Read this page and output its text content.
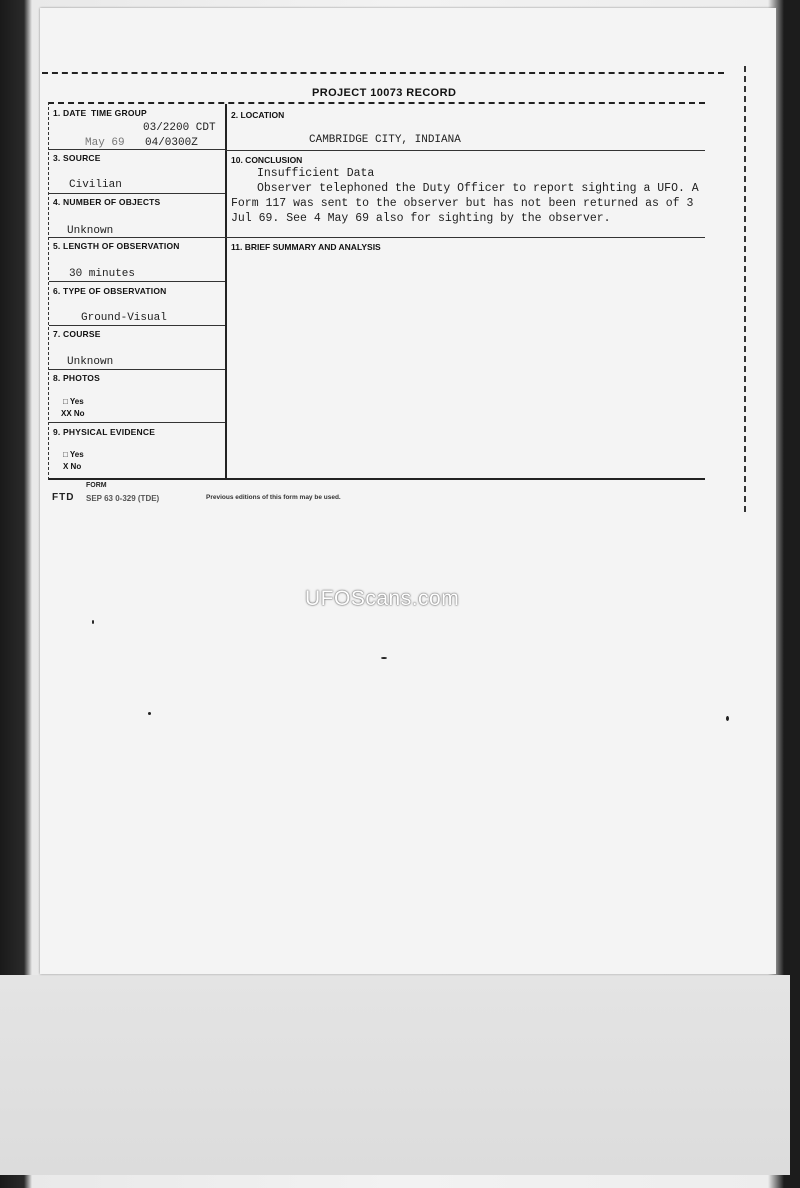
PROJECT 10073 RECORD
1. DATE TIME GROUP
03/2200 CDT
May 69 04/0300Z
3. SOURCE
Civilian
4. NUMBER OF OBJECTS
Unknown
5. LENGTH OF OBSERVATION
30 minutes
6. TYPE OF OBSERVATION
Ground-Visual
7. COURSE
Unknown
8. PHOTOS
□ Yes
XX No
9. PHYSICAL EVIDENCE
□ Yes
X No
2. LOCATION
CAMBRIDGE CITY, INDIANA
10. CONCLUSION
Insufficient Data
Observer telephoned the Duty Officer to report sighting a UFO. A Form 117 was sent to the observer but has not been returned as of 3 Jul 69. See 4 May 69 also for sighting by the observer.
11. BRIEF SUMMARY AND ANALYSIS
FORM
FTD SEP 63 0-329 (TDE)	Previous editions of this form may be used.
UFOScans.com
